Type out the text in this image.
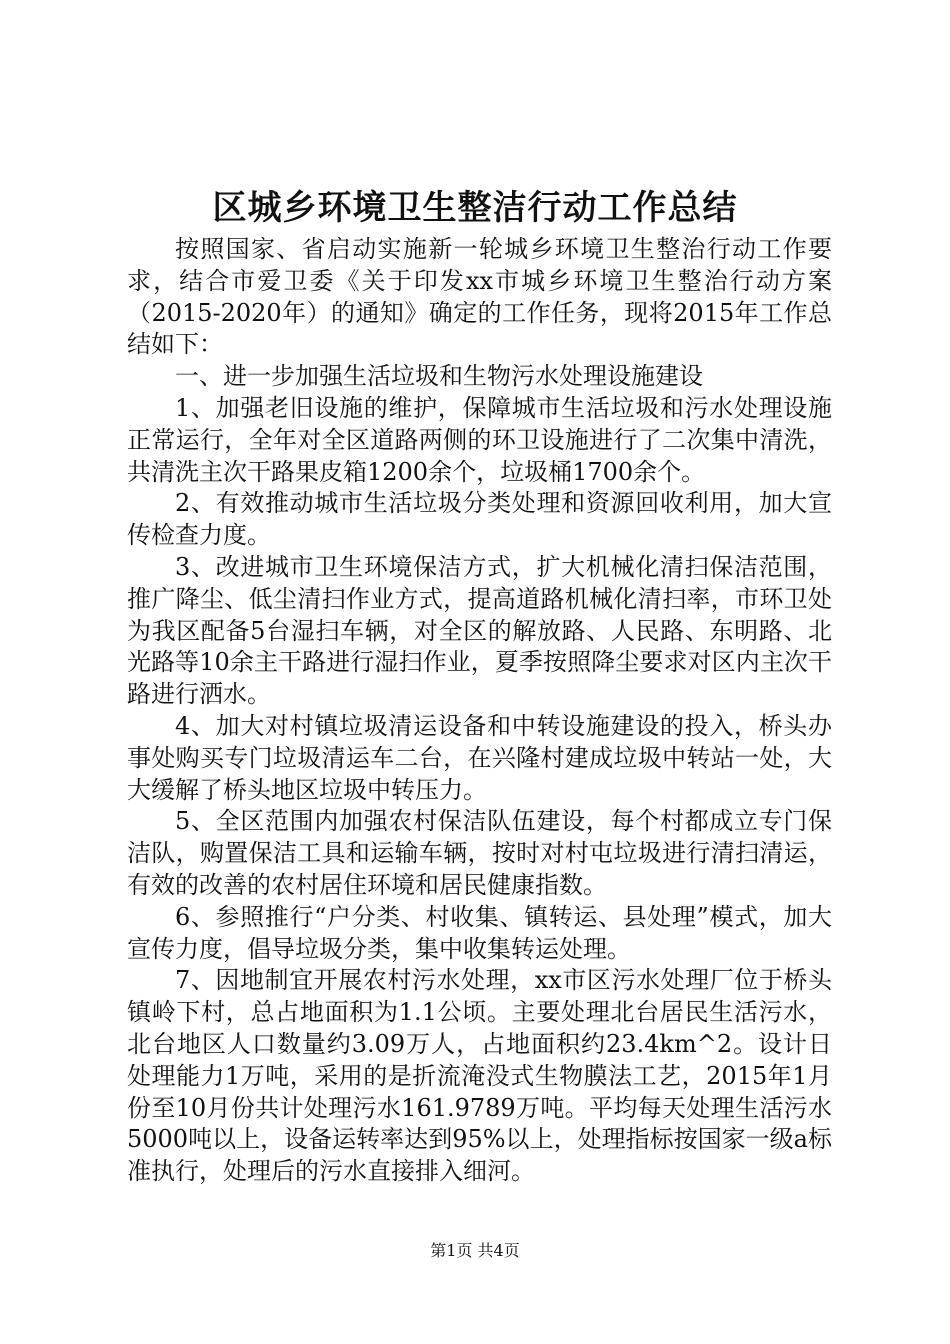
区城乡环境卫生整洁行动工作总结

按照国家、省启动实施新一轮城乡环境卫生整治行动工作要求，结合市爱卫委《关于印发xx市城乡环境卫生整治行动方案（2015-2020年）的通知》确定的工作任务，现将2015年工作总结如下：

一、进一步加强生活垃圾和生物污水处理设施建设

1、加强老旧设施的维护，保障城市生活垃圾和污水处理设施正常运行，全年对全区道路两侧的环卫设施进行了二次集中清洗，共清洗主次干路果皮箱1200余个，垃圾桶1700余个。

2、有效推动城市生活垃圾分类处理和资源回收利用，加大宣传检查力度。

3、改进城市卫生环境保洁方式，扩大机械化清扫保洁范围，推广降尘、低尘清扫作业方式，提高道路机械化清扫率，市环卫处为我区配备5台湿扫车辆，对全区的解放路、人民路、东明路、北光路等10余主干路进行湿扫作业，夏季按照降尘要求对区内主次干路进行洒水。

4、加大对村镇垃圾清运设备和中转设施建设的投入，桥头办事处购买专门垃圾清运车二台，在兴隆村建成垃圾中转站一处，大大缓解了桥头地区垃圾中转压力。

5、全区范围内加强农村保洁队伍建设，每个村都成立专门保洁队，购置保洁工具和运输车辆，按时对村屯垃圾进行清扫清运，有效的改善的农村居住环境和居民健康指数。

6、参照推行“户分类、村收集、镇转运、县处理”模式，加大宣传力度，倡导垃圾分类，集中收集转运处理。

7、因地制宜开展农村污水处理，xx市区污水处理厂位于桥头镇岭下村，总占地面积为1.1公顷。主要处理北台居民生活污水，北台地区人口数量约3.09万人，占地面积约23.4km^2。设计日处理能力1万吨，采用的是折流淹没式生物膜法工艺，2015年1月份至10月份共计处理污水161.9789万吨。平均每天处理生活污水5000吨以上，设备运转率达到95%以上，处理指标按国家一级a标准执行，处理后的污水直接排入细河。

第1页 共4页
